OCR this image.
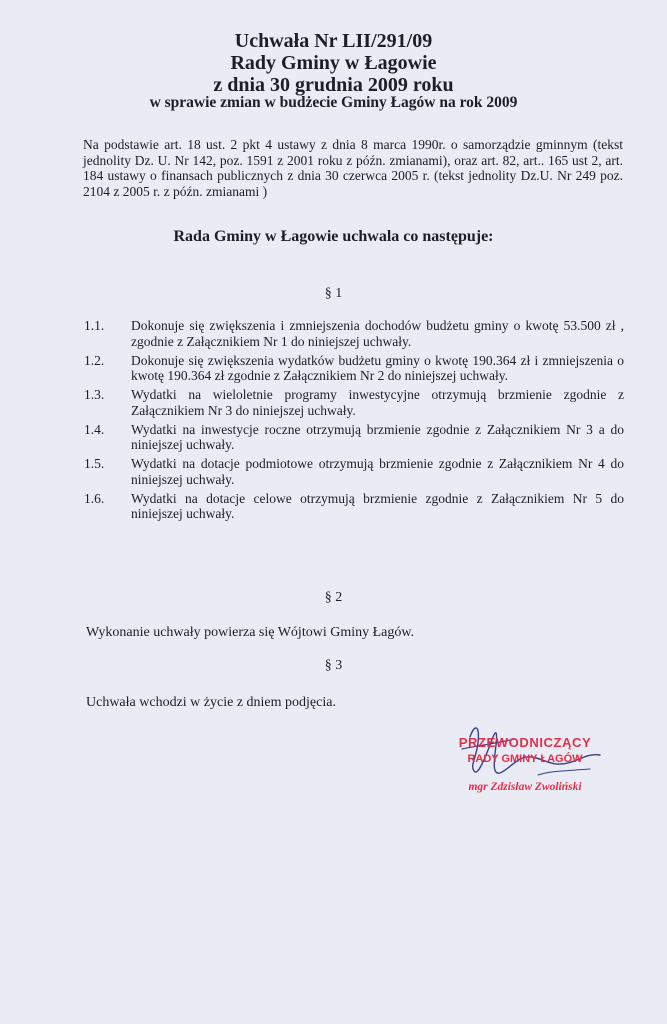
Uchwała Nr LII/291/09
Rady Gminy w Łagowie
z dnia 30 grudnia 2009 roku

w sprawie zmian w budżecie Gminy Łagów na rok 2009

Na podstawie art. 18 ust. 2 pkt 4 ustawy z dnia 8 marca 1990r. o samorządzie gminnym (tekst jednolity Dz. U. Nr 142, poz. 1591 z 2001 roku z późn. zmianami), oraz art. 82, art.. 165 ust 2, art. 184 ustawy o finansach publicznych z dnia 30 czerwca 2005 r. (tekst jednolity Dz.U. Nr 249 poz. 2104 z 2005 r. z późn. zmianami )

Rada Gminy w Łagowie uchwala co następuje:

§ 1

1.1.	Dokonuje się zwiększenia i zmniejszenia dochodów budżetu gminy o kwotę 53.500 zł , zgodnie z Załącznikiem Nr 1 do niniejszej uchwały.
1.2.	Dokonuje się zwiększenia wydatków budżetu gminy o kwotę 190.364 zł i zmniejszenia o kwotę 190.364 zł zgodnie z Załącznikiem Nr 2 do niniejszej uchwały.
1.3.	Wydatki na wieloletnie programy inwestycyjne otrzymują brzmienie zgodnie z Załącznikiem Nr 3 do niniejszej uchwały.
1.4.	Wydatki na inwestycje roczne otrzymują brzmienie zgodnie z Załącznikiem Nr 3 a do niniejszej uchwały.
1.5.	Wydatki na dotacje podmiotowe otrzymują brzmienie zgodnie z Załącznikiem Nr 4 do niniejszej uchwały.
1.6.	Wydatki na dotacje celowe otrzymują brzmienie zgodnie z Załącznikiem Nr 5 do niniejszej uchwały.

§ 2

Wykonanie uchwały powierza się Wójtowi Gminy Łagów.

§ 3

Uchwała wchodzi w życie z dniem podjęcia.

PRZEWODNICZĄCY
RADY GMINY ŁAGÓW
mgr Zdzisław Zwoliński
